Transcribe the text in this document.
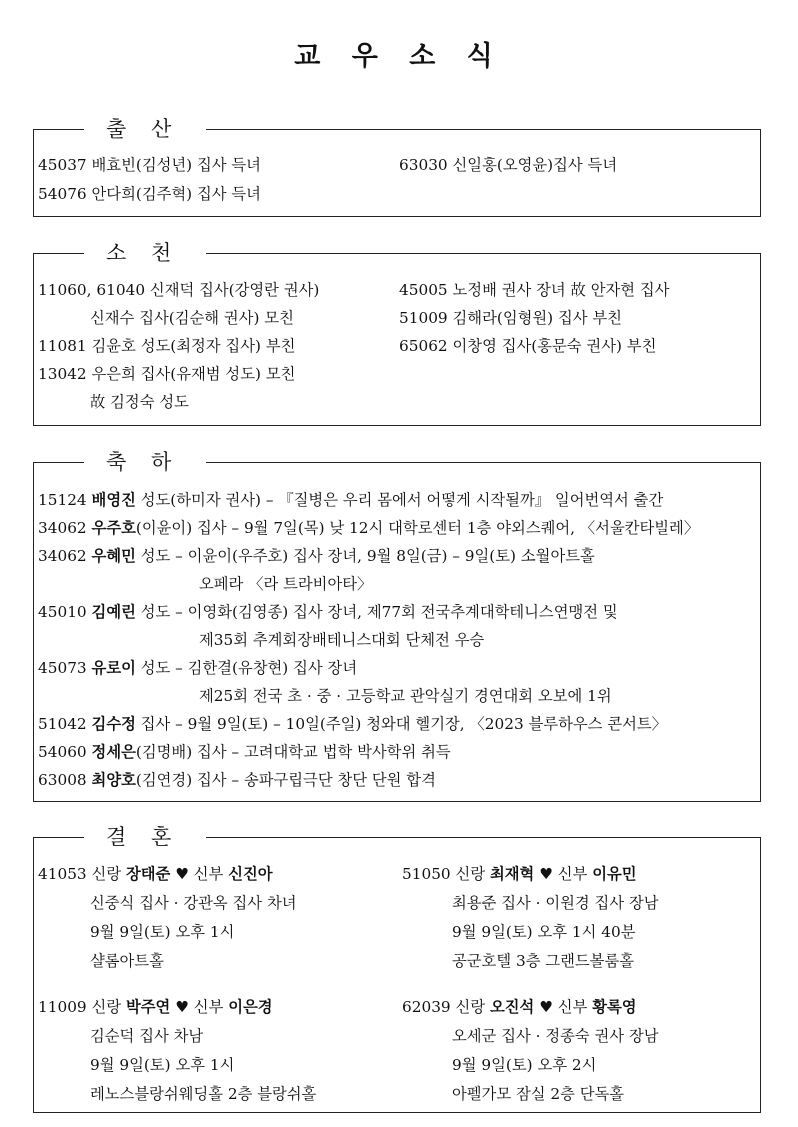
교 우 소 식
출 산
45037 배효빈(김성년) 집사 득녀	63030 신일홍(오영윤)집사 득녀
54076 안다희(김주혁) 집사 득녀
소 천
11060, 61040 신재덕 집사(강영란 권사)	45005 노정배 권사 장녀 故 안자현 집사
신재수 집사(김순해 권사) 모친	51009 김해라(임형원) 집사 부친
11081 김윤호 성도(최정자 집사) 부친	65062 이창영 집사(홍문숙 권사) 부친
13042 우은희 집사(유재범 성도) 모친
故 김정숙 성도
축 하
15124 배영진 성도(하미자 권사) – 『질병은 우리 몸에서 어떻게 시작될까』 일어번역서 출간
34062 우주호(이윤이) 집사 – 9월 7일(목) 낮 12시 대학로센터 1층 야외스퀘어, 〈서울칸타빌레〉
34062 우혜민 성도 – 이윤이(우주호) 집사 장녀, 9월 8일(금) – 9일(토) 소월아트홀
오페라 〈라 트라비아타〉
45010 김예린 성도 – 이영화(김영종) 집사 장녀, 제77회 전국추계대학테니스연맹전 및
제35회 추계회장배테니스대회 단체전 우승
45073 유로이 성도 – 김한결(유창현) 집사 장녀
제25회 전국 초 · 중 · 고등학교 관악실기 경연대회 오보에 1위
51042 김수정 집사 – 9월 9일(토) – 10일(주일) 청와대 헬기장, 〈2023 블루하우스 콘서트〉
54060 정세은(김명배) 집사 – 고려대학교 법학 박사학위 취득
63008 최양호(김연경) 집사 – 송파구립극단 창단 단원 합격
결 혼
41053 신랑 장태준 ♥ 신부 신진아
신중식 집사 · 강관옥 집사 차녀
9월 9일(토) 오후 1시
샬롬아트홀
51050 신랑 최재혁 ♥ 신부 이유민
최용준 집사 · 이원경 집사 장남
9월 9일(토) 오후 1시 40분
공군호텔 3층 그랜드볼룸홀
11009 신랑 박주연 ♥ 신부 이은경
김순덕 집사 차남
9월 9일(토) 오후 1시
레노스블랑쉬웨딩홀 2층 블랑쉬홀
62039 신랑 오진석 ♥ 신부 황록영
오세군 집사 · 정종숙 권사 장남
9월 9일(토) 오후 2시
아펠가모 잠실 2층 단독홀
